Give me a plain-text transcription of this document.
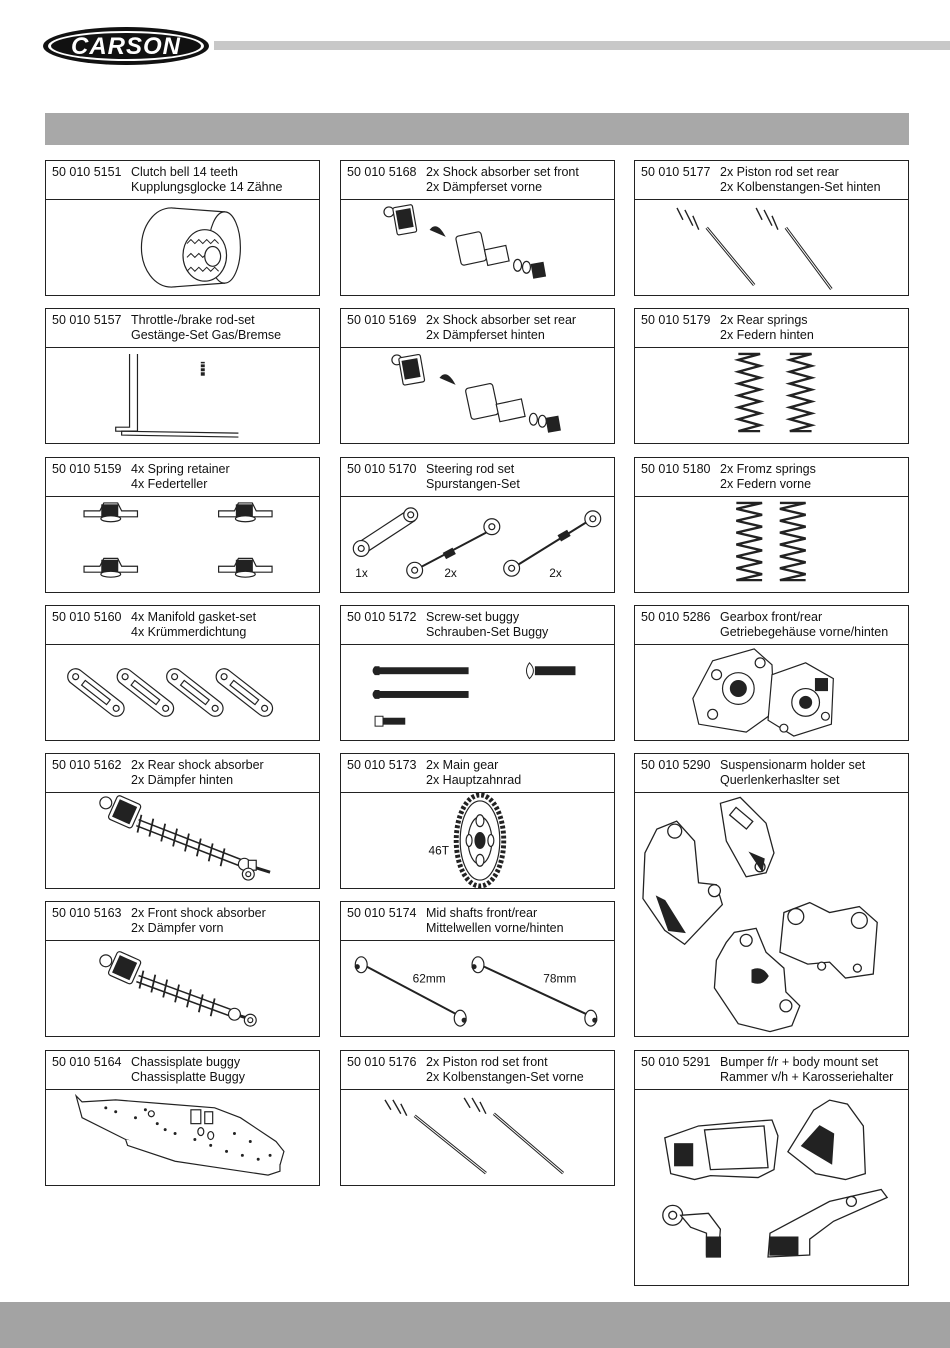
CARSON
50 010 5151 Clutch bell 14 teeth
Kupplungsglocke 14 Zähne
50 010 5168 2x Shock absorber set front
2x Dämpferset vorne
50 010 5177 2x Piston rod set rear
2x Kolbenstangen-Set hinten
50 010 5157 Throttle-/brake rod-set
Gestänge-Set Gas/Bremse
50 010 5169 2x Shock absorber set rear
2x Dämpferset hinten
50 010 5179 2x Rear springs
2x Federn hinten
50 010 5159 4x Spring retainer
4x Federteller
50 010 5170 Steering rod set
Spurstangen-Set
1x	2x	2x
50 010 5180 2x Fromz springs
2x Federn vorne
50 010 5160 4x Manifold gasket-set
4x Krümmerdichtung
50 010 5172 Screw-set buggy
Schrauben-Set Buggy
50 010 5286 Gearbox front/rear
Getriebegehäuse vorne/hinten
50 010 5162 2x Rear shock absorber
2x Dämpfer hinten
50 010 5173 2x Main gear
2x Hauptzahnrad
46T
50 010 5290 Suspensionarm holder set
Querlenkerhaslter set
50 010 5163 2x Front shock absorber
2x Dämpfer vorn
50 010 5174 Mid shafts front/rear
Mittelwellen vorne/hinten
62mm	78mm
50 010 5164 Chassisplate buggy
Chassisplatte Buggy
50 010 5176 2x Piston rod set front
2x Kolbenstangen-Set vorne
50 010 5291 Bumper f/r + body mount set
Rammer v/h + Karosseriehalter
